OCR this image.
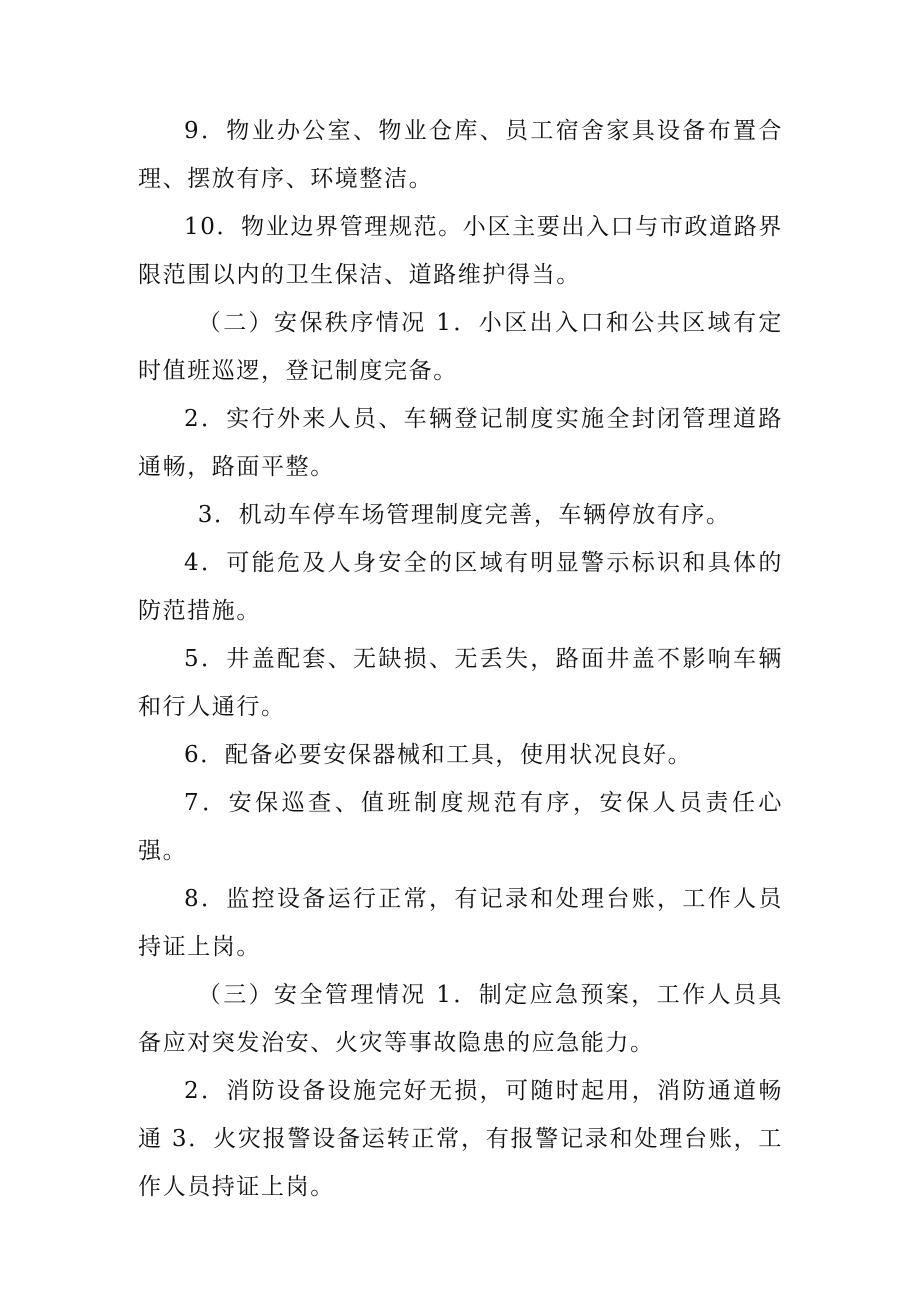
9．物业办公室、物业仓库、员工宿舍家具设备布置合理、摆放有序、环境整洁。

10．物业边界管理规范。小区主要出入口与市政道路界限范围以内的卫生保洁、道路维护得当。

（二）安保秩序情况 1．小区出入口和公共区域有定时值班巡逻，登记制度完备。

2．实行外来人员、车辆登记制度实施全封闭管理道路通畅，路面平整。

3．机动车停车场管理制度完善，车辆停放有序。

4．可能危及人身安全的区域有明显警示标识和具体的防范措施。

5．井盖配套、无缺损、无丢失，路面井盖不影响车辆和行人通行。

6．配备必要安保器械和工具，使用状况良好。

7．安保巡查、值班制度规范有序，安保人员责任心强。

8．监控设备运行正常，有记录和处理台账，工作人员持证上岗。

（三）安全管理情况 1．制定应急预案，工作人员具备应对突发治安、火灾等事故隐患的应急能力。

2．消防设备设施完好无损，可随时起用，消防通道畅通 3．火灾报警设备运转正常，有报警记录和处理台账，工作人员持证上岗。
